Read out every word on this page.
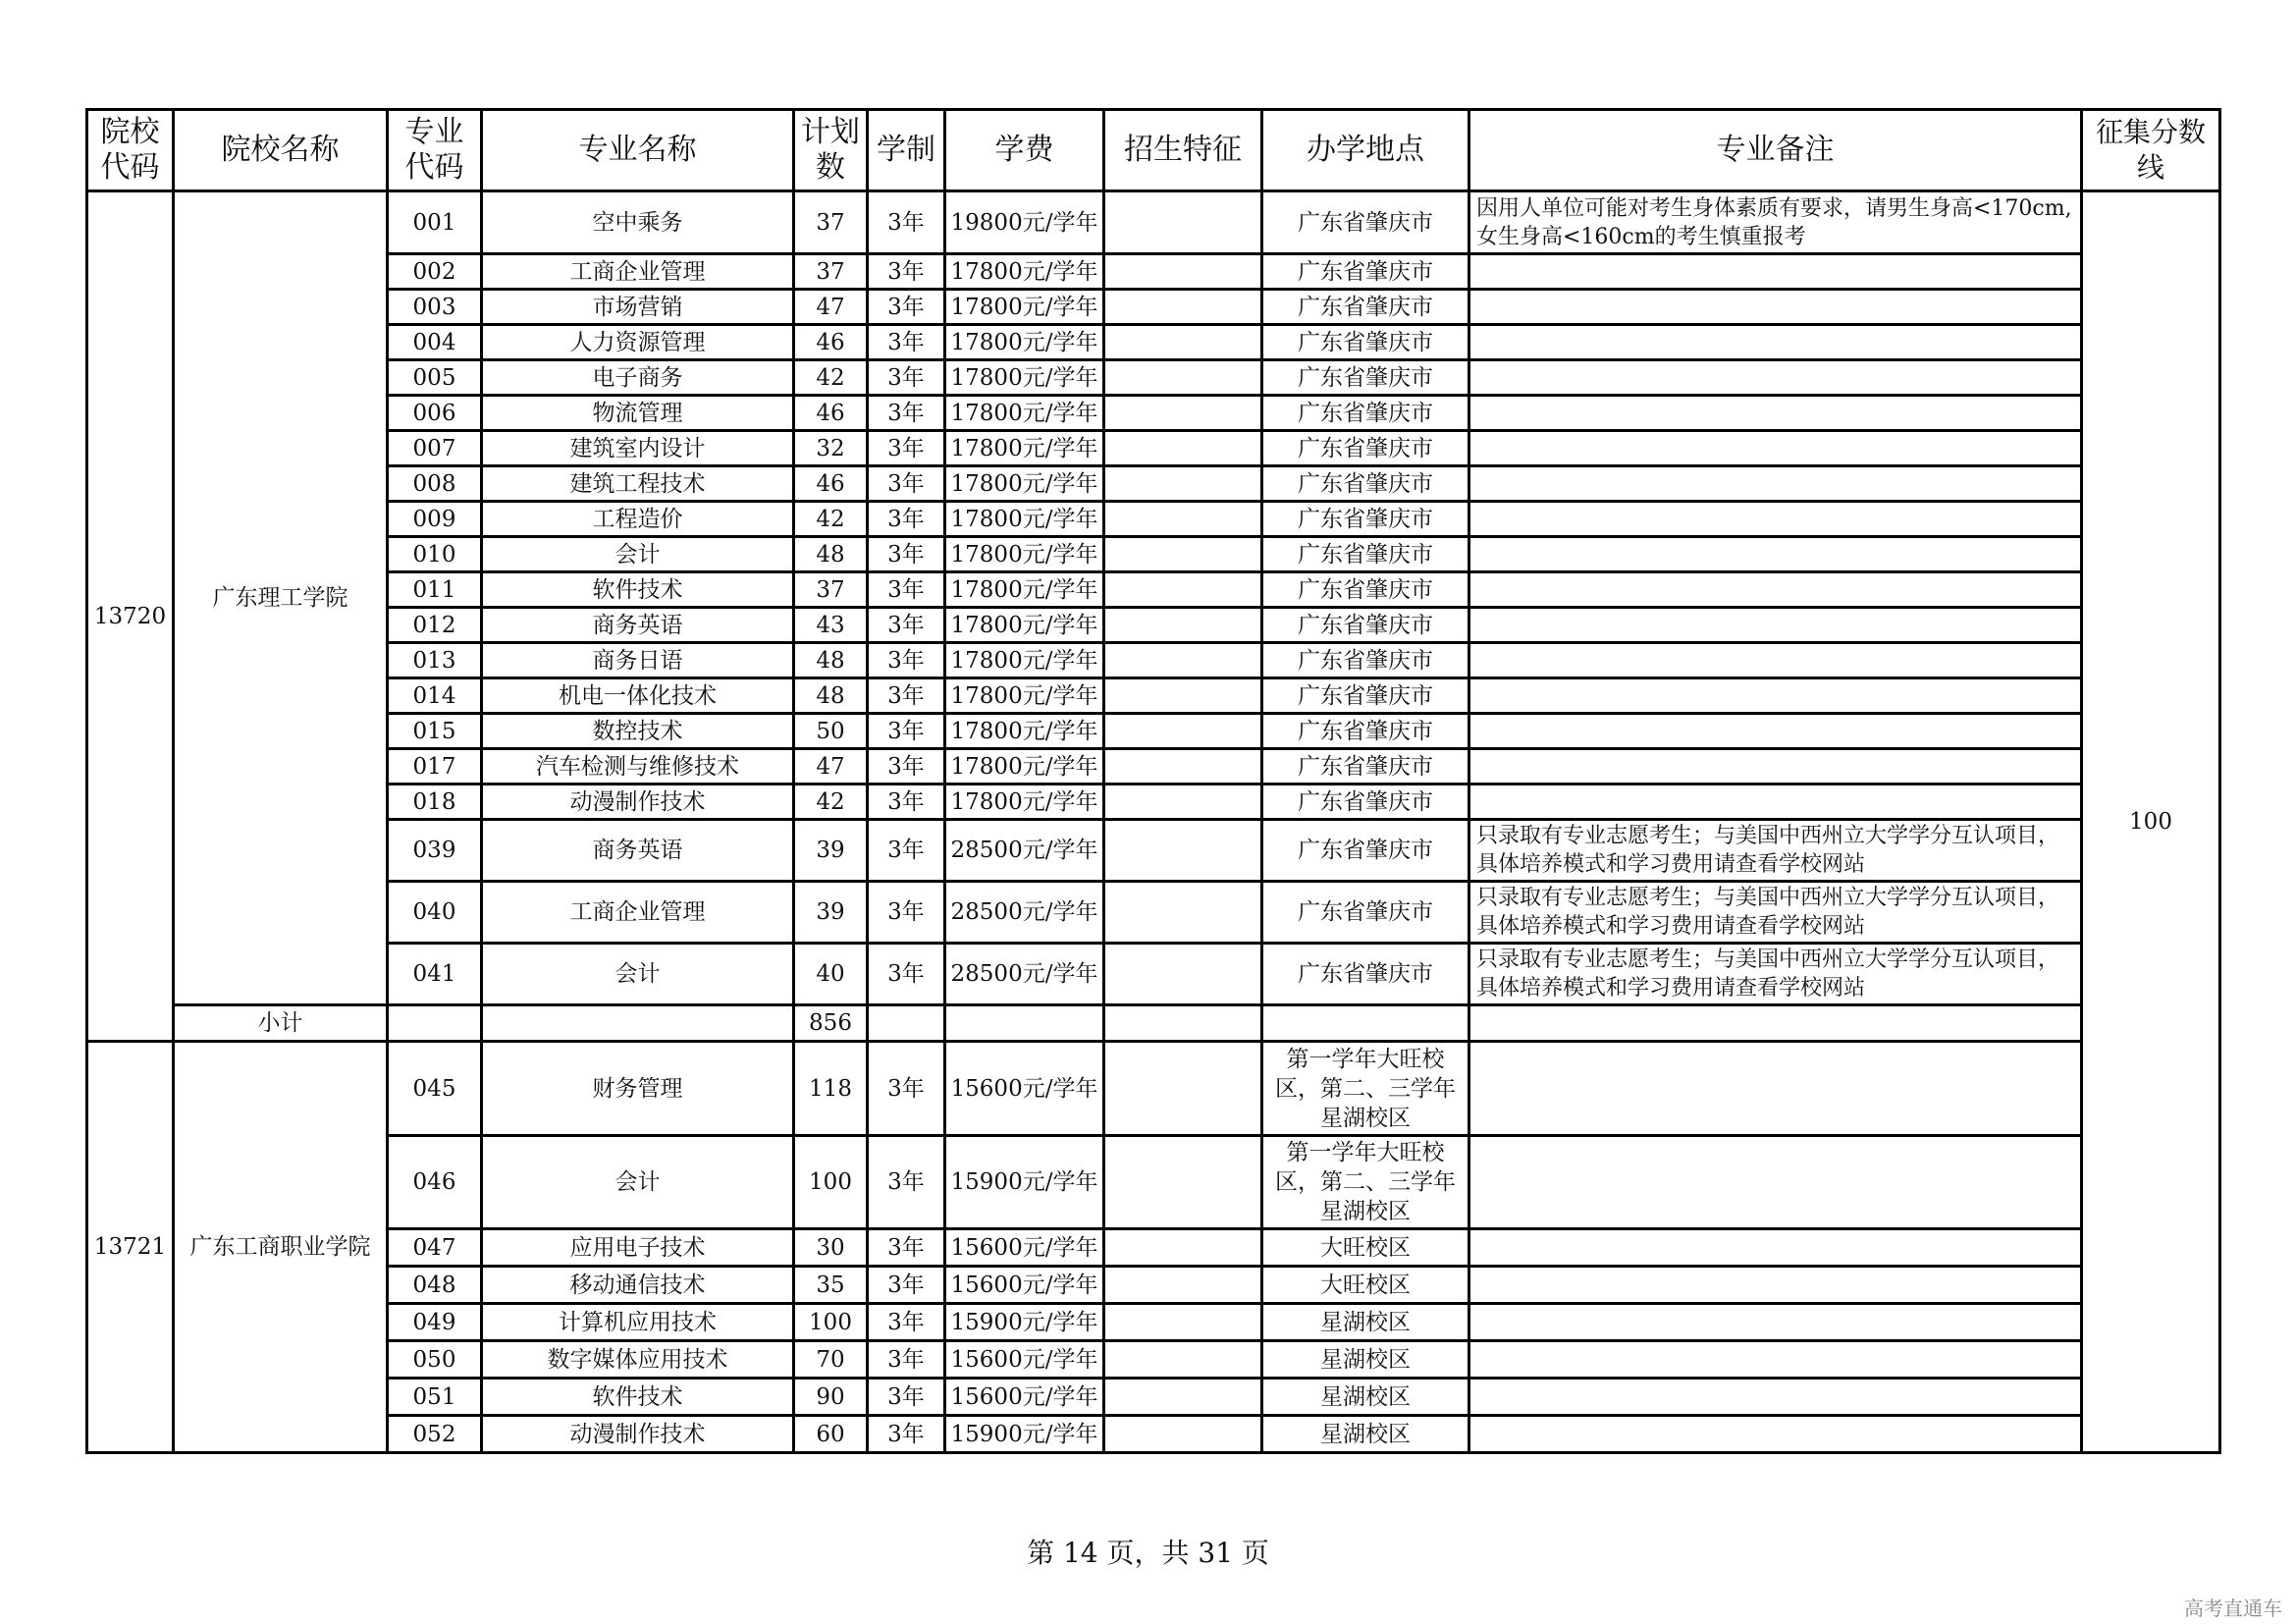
院校代码	院校名称	专业代码	专业名称	计划数	学制	学费	招生特征	办学地点	专业备注	征集分数线
13720	广东理工学院	001	空中乘务	37	3年	19800元/学年		广东省肇庆市	因用人单位可能对考生身体素质有要求，请男生身高<170cm,女生身高<160cm的考生慎重报考	100
		002	工商企业管理	37	3年	17800元/学年		广东省肇庆市		
		003	市场营销	47	3年	17800元/学年		广东省肇庆市		
		004	人力资源管理	46	3年	17800元/学年		广东省肇庆市		
		005	电子商务	42	3年	17800元/学年		广东省肇庆市		
		006	物流管理	46	3年	17800元/学年		广东省肇庆市		
		007	建筑室内设计	32	3年	17800元/学年		广东省肇庆市		
		008	建筑工程技术	46	3年	17800元/学年		广东省肇庆市		
		009	工程造价	42	3年	17800元/学年		广东省肇庆市		
		010	会计	48	3年	17800元/学年		广东省肇庆市		
		011	软件技术	37	3年	17800元/学年		广东省肇庆市		
		012	商务英语	43	3年	17800元/学年		广东省肇庆市		
		013	商务日语	48	3年	17800元/学年		广东省肇庆市		
		014	机电一体化技术	48	3年	17800元/学年		广东省肇庆市		
		015	数控技术	50	3年	17800元/学年		广东省肇庆市		
		017	汽车检测与维修技术	47	3年	17800元/学年		广东省肇庆市		
		018	动漫制作技术	42	3年	17800元/学年		广东省肇庆市		
		039	商务英语	39	3年	28500元/学年		广东省肇庆市	只录取有专业志愿考生；与美国中西州立大学学分互认项目，具体培养模式和学习费用请查看学校网站	
		040	工商企业管理	39	3年	28500元/学年		广东省肇庆市	只录取有专业志愿考生；与美国中西州立大学学分互认项目，具体培养模式和学习费用请查看学校网站	
		041	会计	40	3年	28500元/学年		广东省肇庆市	只录取有专业志愿考生；与美国中西州立大学学分互认项目，具体培养模式和学习费用请查看学校网站	
	小计			856						
13721	广东工商职业学院	045	财务管理	118	3年	15600元/学年		第一学年大旺校区，第二、三学年星湖校区		
		046	会计	100	3年	15900元/学年		第一学年大旺校区，第二、三学年星湖校区		
		047	应用电子技术	30	3年	15600元/学年		大旺校区		
		048	移动通信技术	35	3年	15600元/学年		大旺校区		
		049	计算机应用技术	100	3年	15900元/学年		星湖校区		
		050	数字媒体应用技术	70	3年	15600元/学年		星湖校区		
		051	软件技术	90	3年	15600元/学年		星湖校区		
		052	动漫制作技术	60	3年	15900元/学年		星湖校区		
第 14 页，共 31 页
高考直通车
